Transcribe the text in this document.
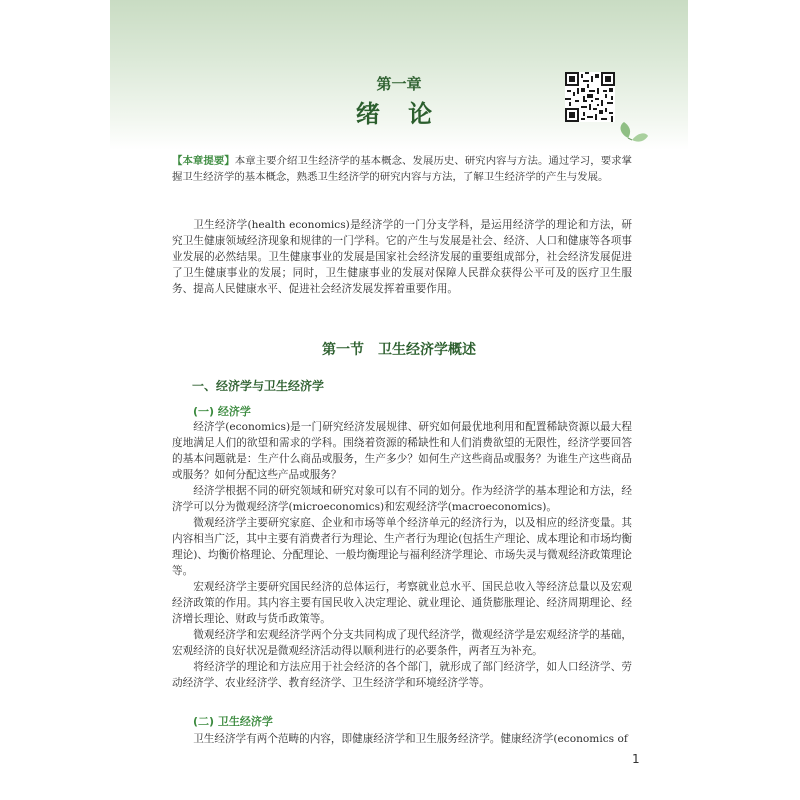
第一章

绪 论

【本章提要】本章主要介绍卫生经济学的基本概念、发展历史、研究内容与方法。通过学习，要求掌握卫生经济学的基本概念，熟悉卫生经济学的研究内容与方法，了解卫生经济学的产生与发展。

卫生经济学(health economics)是经济学的一门分支学科，是运用经济学的理论和方法，研究卫生健康领域经济现象和规律的一门学科。它的产生与发展是社会、经济、人口和健康等各项事业发展的必然结果。卫生健康事业的发展是国家社会经济发展的重要组成部分，社会经济发展促进了卫生健康事业的发展；同时，卫生健康事业的发展对保障人民群众获得公平可及的医疗卫生服务、提高人民健康水平、促进社会经济发展发挥着重要作用。

第一节　卫生经济学概述

一、经济学与卫生经济学

(一) 经济学

经济学(economics)是一门研究经济发展规律、研究如何最优地利用和配置稀缺资源以最大程度地满足人们的欲望和需求的学科。围绕着资源的稀缺性和人们消费欲望的无限性，经济学要回答的基本问题就是：生产什么商品或服务，生产多少？如何生产这些商品或服务？为谁生产这些商品或服务？如何分配这些产品或服务？

经济学根据不同的研究领域和研究对象可以有不同的划分。作为经济学的基本理论和方法，经济学可以分为微观经济学(microeconomics)和宏观经济学(macroeconomics)。

微观经济学主要研究家庭、企业和市场等单个经济单元的经济行为，以及相应的经济变量。其内容相当广泛，其中主要有消费者行为理论、生产者行为理论(包括生产理论、成本理论和市场均衡理论)、均衡价格理论、分配理论、一般均衡理论与福利经济学理论、市场失灵与微观经济政策理论等。

宏观经济学主要研究国民经济的总体运行，考察就业总水平、国民总收入等经济总量以及宏观经济政策的作用。其内容主要有国民收入决定理论、就业理论、通货膨胀理论、经济周期理论、经济增长理论、财政与货币政策等。

微观经济学和宏观经济学两个分支共同构成了现代经济学，微观经济学是宏观经济学的基础，宏观经济的良好状况是微观经济活动得以顺利进行的必要条件，两者互为补充。

将经济学的理论和方法应用于社会经济的各个部门，就形成了部门经济学，如人口经济学、劳动经济学、农业经济学、教育经济学、卫生经济学和环境经济学等。

(二) 卫生经济学

卫生经济学有两个范畴的内容，即健康经济学和卫生服务经济学。健康经济学(economics of

1
